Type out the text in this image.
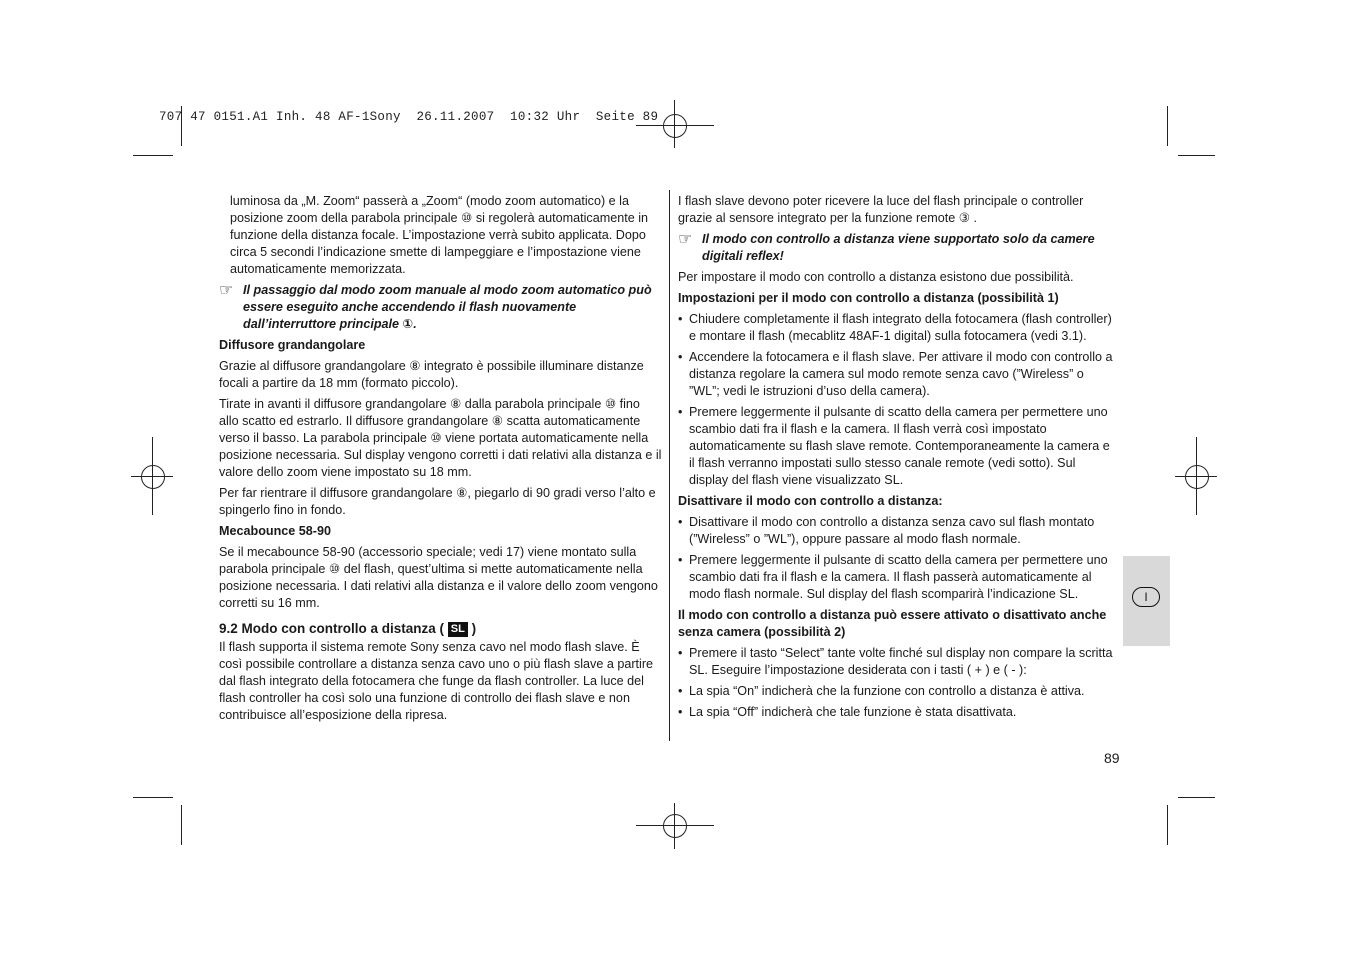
707 47 0151.A1 Inh. 48 AF-1Sony  26.11.2007  10:32 Uhr  Seite 89

luminosa da „M. Zoom“ passerà a „Zoom“ (modo zoom automatico) e la posizione zoom della parabola principale ⑩ si regolerà automaticamente in funzione della distanza focale. L’impostazione verrà subito applicata. Dopo circa 5 secondi l’indicazione smette di lampeggiare e l’impostazione viene automaticamente memorizzata.

☞ Il passaggio dal modo zoom manuale al modo zoom automatico può essere eseguito anche accendendo il flash nuovamente dall’interruttore principale ①.
Diffusore grandangolare

Grazie al diffusore grandangolare ⑧ integrato è possibile illuminare distanze focali a partire da 18 mm (formato piccolo).

Tirate in avanti il diffusore grandangolare ⑧ dalla parabola principale ⑩ fino allo scatto ed estrarlo. Il diffusore grandangolare ⑧ scatta automaticamente verso il basso. La parabola principale ⑩ viene portata automaticamente nella posizione necessaria. Sul display vengono corretti i dati relativi alla distanza e il valore dello zoom viene impostato su 18 mm.

Per far rientrare il diffusore grandangolare ⑧, piegarlo di 90 gradi verso l’alto e spingerlo fino in fondo.

Mecabounce 58-90

Se il mecabounce 58-90 (accessorio speciale; vedi 17) viene montato sulla parabola principale ⑩ del flash, quest’ultima si mette automaticamente nella posizione necessaria. I dati relativi alla distanza e il valore dello zoom vengono corretti su 16 mm.

9.2 Modo con controllo a distanza ( SL )

Il flash supporta il sistema remote Sony senza cavo nel modo flash slave. È così possibile controllare a distanza senza cavo uno o più flash slave a partire dal flash integrato della fotocamera che funge da flash controller. La luce del flash controller ha così solo una funzione di controllo dei flash slave e non contribuisce all’esposizione della ripresa.

I flash slave devono poter ricevere la luce del flash principale o controller grazie al sensore integrato per la funzione remote ③ .

☞ Il modo con controllo a distanza viene supportato solo da camere digitali reflex!

Per impostare il modo con controllo a distanza esistono due possibilità.

Impostazioni per il modo con controllo a distanza (possibilità 1)
• Chiudere completamente il flash integrato della fotocamera (flash controller) e montare il flash (mecablitz 48AF-1 digital) sulla fotocamera (vedi 3.1).
• Accendere la fotocamera e il flash slave. Per attivare il modo con controllo a distanza regolare la camera sul modo remote senza cavo (”Wireless” o ”WL”; vedi le istruzioni d’uso della camera).
• Premere leggermente il pulsante di scatto della camera per permettere uno scambio dati fra il flash e la camera. Il flash verrà così impostato automaticamente su flash slave remote. Contemporaneamente la camera e il flash verranno impostati sullo stesso canale remote (vedi sotto). Sul display del flash viene visualizzato SL.
Disattivare il modo con controllo a distanza:
• Disattivare il modo con controllo a distanza senza cavo sul flash montato (”Wireless” o ”WL”), oppure passare al modo flash normale.
• Premere leggermente il pulsante di scatto della camera per permettere uno scambio dati fra il flash e la camera. Il flash passerà automaticamente al modo flash normale. Sul display del flash scomparirà l’indicazione SL.
Il modo con controllo a distanza può essere attivato o disattivato anche senza camera (possibilità 2)
• Premere il tasto “Select” tante volte finché sul display non compare la scritta SL. Eseguire l’impostazione desiderata con i tasti ( + ) e ( - ):
• La spia “On” indicherà che la funzione con controllo a distanza è attiva.
• La spia “Off” indicherà che tale funzione è stata disattivata.
I
89
